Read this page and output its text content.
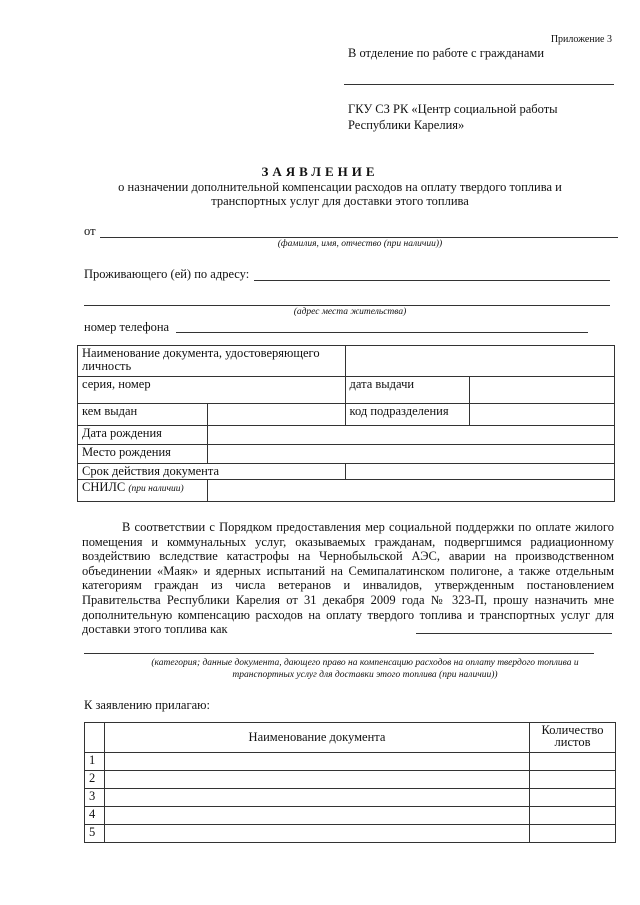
Приложение 3
В отделение по работе с гражданами
ГКУ СЗ РК «Центр социальной работы
Республики Карелия»
ЗАЯВЛЕНИЕ
о назначении дополнительной компенсации расходов на оплату твердого топлива и
транспортных услуг для доставки этого топлива
от
(фамилия, имя, отчество (при наличии))
Проживающего (ей) по адресу:
(адрес места жительства)
номер телефона
Наименование документа, удостоверяющего личность			
серия, номер		дата выдачи	
кем выдан		код подразделения	
Дата рождения			
Место рождения			
Срок действия документа			
СНИЛС (при наличии)			
В соответствии с Порядком предоставления мер социальной поддержки по оплате жилого помещения и коммунальных услуг, оказываемых гражданам, подвергшимся радиационному воздействию вследствие катастрофы на Чернобыльской АЭС, аварии на производственном объединении «Маяк» и ядерных испытаний на Семипалатинском полигоне, а также отдельным категориям граждан из числа ветеранов и инвалидов, утвержденным постановлением Правительства Республики Карелия от 31 декабря 2009 года № 323-П, прошу назначить мне дополнительную компенсацию расходов на оплату твердого топлива и транспортных услуг для доставки этого топлива как
(категория; данные документа, дающего право на компенсацию расходов на оплату твердого топлива и
транспортных услуг для доставки этого топлива (при наличии))
К заявлению прилагаю:
	Наименование документа	Количество
листов

1		
2		
3		
4		
5		
